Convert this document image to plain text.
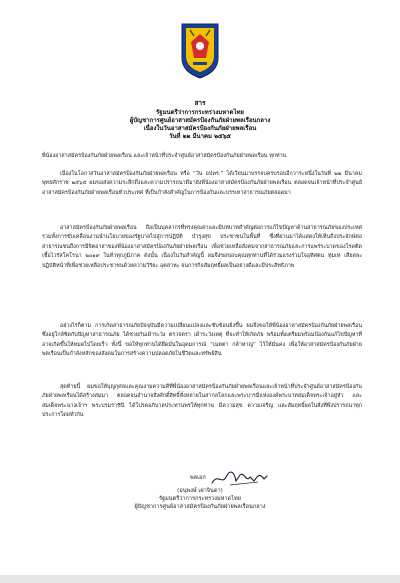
สาร
รัฐมนตรีว่าการกระทรวงมหาดไทย
ผู้บัญชาการศูนย์อาสาสมัครป้องกันภัยฝ่ายพลเรือนกลาง
เนื่องในวันอาสาสมัครป้องกันภัยฝ่ายพลเรือน
วันที่ ๒๒ มีนาคม ๒๕๖๕

พี่น้องอาสาสมัครป้องกันภัยฝ่ายพลเรือน และเจ้าหน้าที่ประจำศูนย์อาสาสมัครป้องกันภัยฝ่ายพลเรือน ทุกท่าน

เนื่องในโอกาสวันอาสาสมัครป้องกันภัยฝ่ายพลเรือน หรือ “วัน อปพร.” ได้เวียนมาบรรจบครบรอบอีกวาระหนึ่งในวันที่ ๒๒ มีนาคม พุทธศักราช ๒๕๖๕ ผมขอส่งความระลึกถึงและความปรารถนาดีมายังพี่น้องอาสาสมัครป้องกันภัยฝ่ายพลเรือน ตลอดจนเจ้าหน้าที่ประจำศูนย์อาสาสมัครป้องกันภัยฝ่ายพลเรือนทั่วประเทศ ที่เป็นกำลังสำคัญในการป้องกันและบรรเทาสาธารณภัยตลอดมา

อาสาสมัครป้องกันภัยฝ่ายพลเรือน ถือเป็นบุคลากรที่ทรงคุณค่าและมีบทบาทสำคัญต่อการแก้ไขปัญหาด้านสาธารณภัยของประเทศ รวมทั้งการขับเคลื่อนงานนำนโยบายของรัฐบาลไปสู่การปฏิบัติ บำรุงสุข ประชาชนในพื้นที่ ซึ่งที่ผ่านมาได้แสดงให้เห็นถึงประจักษ์ต่อสาธารณชนถึงการมีจิตอาสาของพี่น้องอาสาสมัครป้องกันภัยฝ่ายพลเรือน เพื่อช่วยเหลือสังคมจากสาธารณภัยและการแพร่ระบาดของโรคติดเชื้อไวรัสโคโรนา ๒๐๑๙ ในทั่วทุกภูมิภาค ดังนั้น เนื่องในวันสำคัญนี้ ผมจึงขอขอบคุณทุกท่านที่ได้ร่วมแรงร่วมใจอุทิศตน ทุ่มเท เสียสละ ปฏิบัติหน้าที่เพื่อช่วยเหลือประชาชนด้วยความวิริยะ อุตสาหะ จนการกิจสัมฤทธิ์ผลเป็นอย่างดีและมีประสิทธิภาพ

อย่างไรก็ตาม การเกิดสาธารณภัยปัจจุบันมีความเปลี่ยนแปลงและซับซ้อนยิ่งขึ้น ผมจึงขอให้พี่น้องอาสาสมัครป้องกันภัยฝ่ายพลเรือนซึ่งอยู่ใกล้ชิดกับปัญหาสาธารณภัย ได้ช่วยกันเฝ้าระวัง ตรวจตรา เฝ้าระวังเหตุ ที่จะทำให้เกิดภัย พร้อมทั้งเตรียมพร้อมป้องกันแก้ไขปัญหาที่อาจเกิดขึ้นให้หมดไปโดยเร็ว ทั้งนี้ ขอให้ทุกท่านได้ยึดมั่นในอุดมการณ์ “เมตตา กล้าหาญ” ไว้ให้มั่นคง เพื่อให้อาสาสมัครป้องกันภัยฝ่ายพลเรือนเป็นกำลังหลักของสังคมในการสร้างความปลอดภัยในชีวิตและทรัพย์สิน

สุดท้ายนี้ ผมขอให้บุญกุศลและคุณงามความดีที่พี่น้องอาสาสมัครป้องกันภัยฝ่ายพลเรือนและเจ้าหน้าที่ประจำศูนย์อาสาสมัครป้องกันภัยฝ่ายพลเรือนได้สร้างสมมา ตลอดจนอำนาจสิ่งศักดิ์สิทธิ์ทั้งหลายในสากลโลกและพระบารมีแห่งองค์พระบาทสมเด็จพระเจ้าอยู่หัว และสมเด็จพระนางเจ้าฯ พระบรมราชินี ได้โปรดอภิบาลประทานพรให้ทุกท่าน มีความสุข ความเจริญ และสัมฤทธิ์ผลในสิ่งที่พึงปรารถนาทุกประการโดยทั่วกัน

พลเอก
(อนุพงษ์ เผ่าจินดา)
รัฐมนตรีว่าการกระทรวงมหาดไทย
ผู้บัญชาการศูนย์อาสาสมัครป้องกันภัยฝ่ายพลเรือนกลาง
